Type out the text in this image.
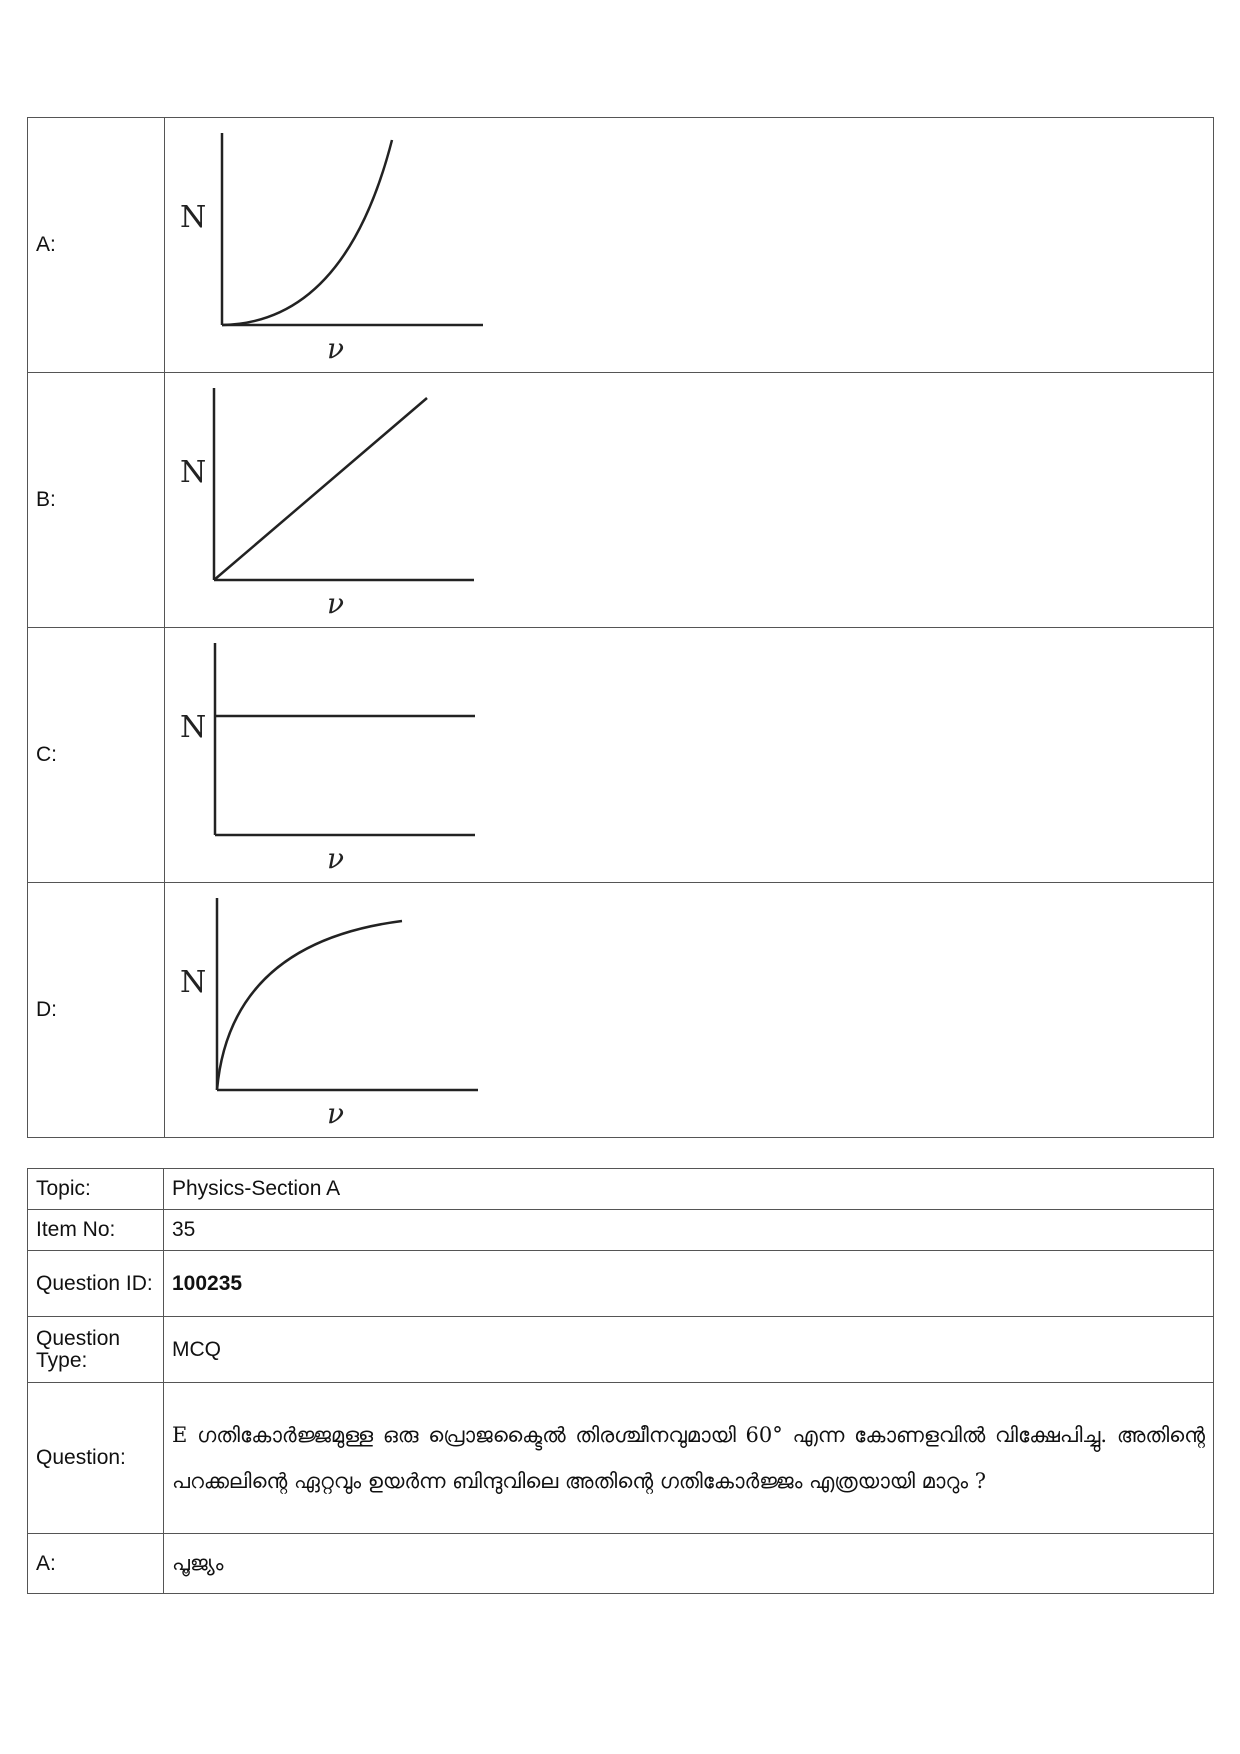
A:	N
ν

B:	N
ν

C:	N
ν

D:	N
ν
Topic:	Physics-Section A
Item No:	35
Question ID:	100235
Question Type:	MCQ
Question:	E ഗതികോർജ്ജമുള്ള ഒരു പ്രൊജക്ടൈൽ തിരശ്ചീനവുമായി 60° എന്ന കോണളവിൽ വിക്ഷേപിച്ചു. അതിന്റെ പറക്കലിന്റെ ഏറ്റവും ഉയർന്ന ബിന്ദുവിലെ അതിന്റെ ഗതികോർജ്ജം എത്രയായി മാറും ?
A:	പൂജ്യം
